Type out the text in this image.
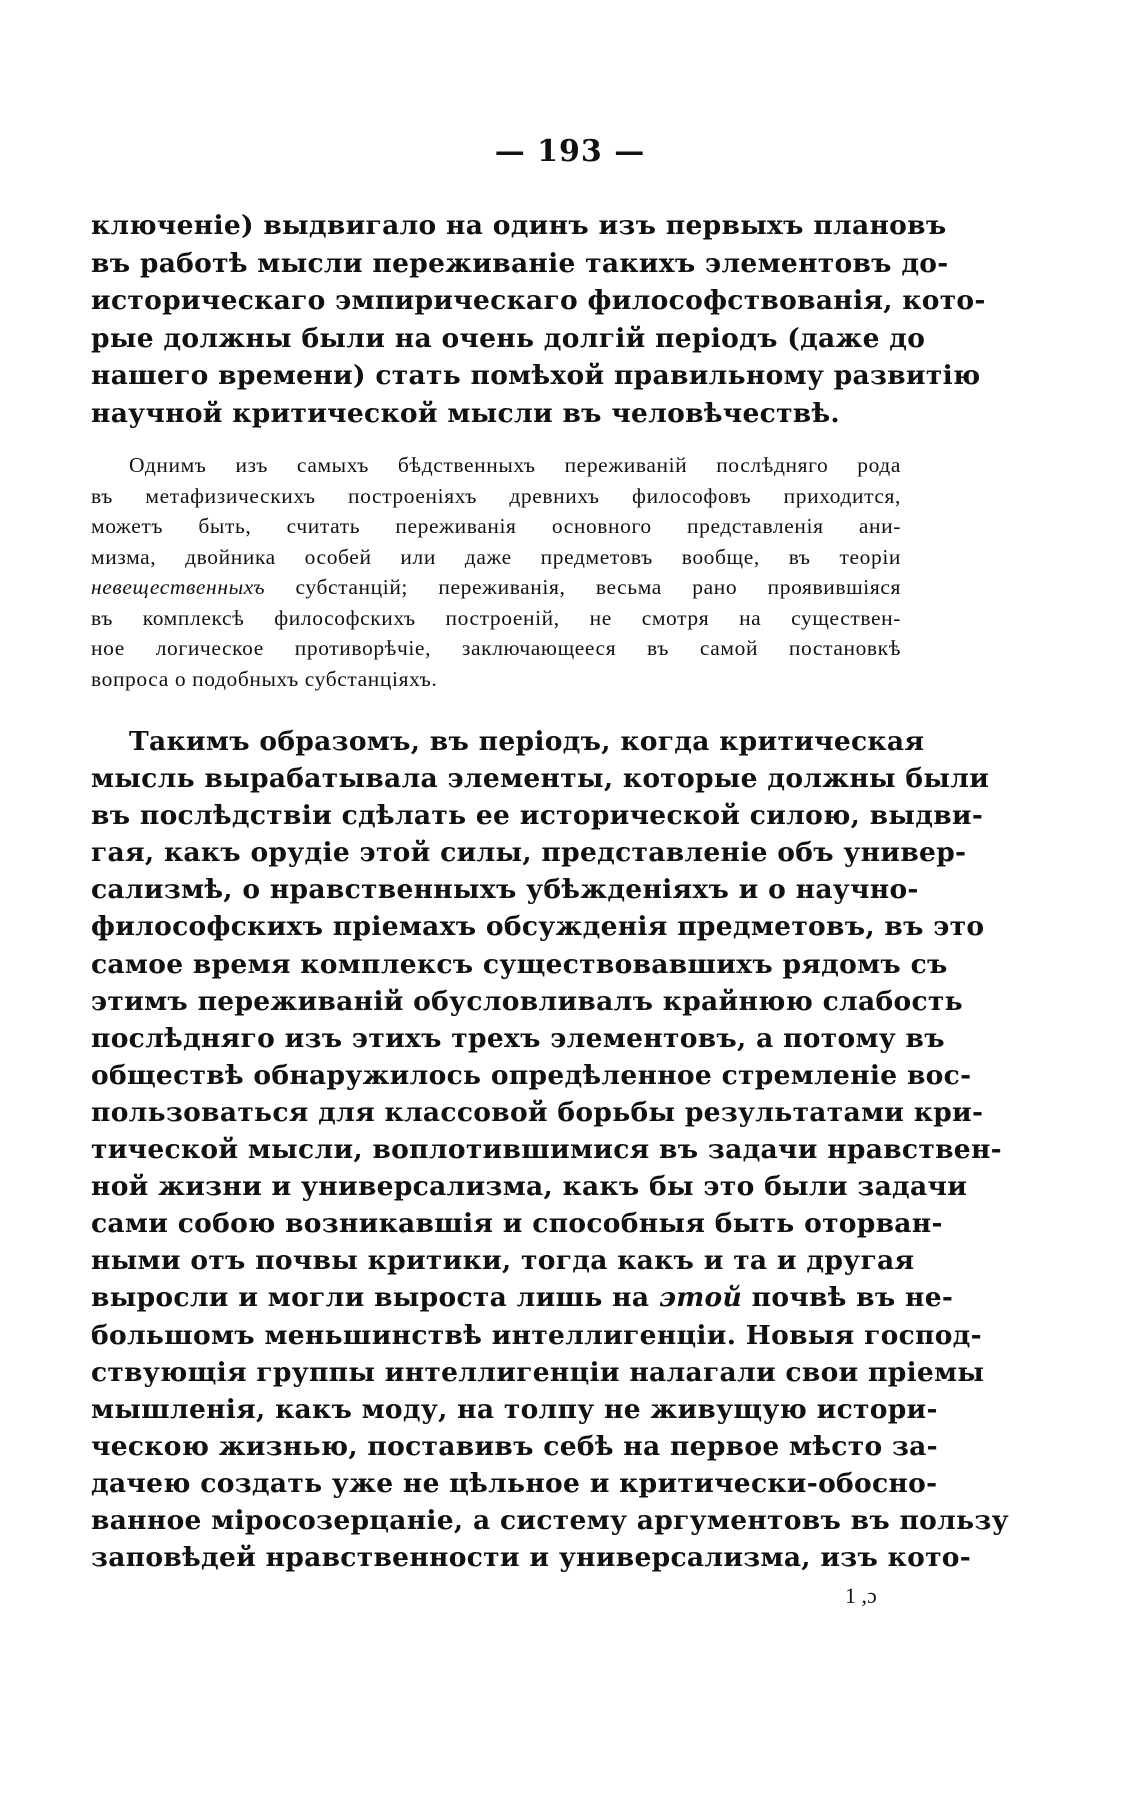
— 193 —
ключеніе) выдвигало на одинъ изъ первыхъ плановъ
въ работѣ мысли переживаніе такихъ элементовъ до-
историческаго эмпирическаго философствованія, кото-
рые должны были на очень долгій періодъ (даже до
нашего времени) стать помѣхой правильному развитію
научной критической мысли въ человѣчествѣ.
Однимъ изъ самыхъ бѣдственныхъ переживаній послѣдняго рода
въ метафизическихъ построеніяхъ древнихъ философовъ приходится,
можетъ быть, считать переживанія основного представленія ани-
мизма, двойника особей или даже предметовъ вообще, въ теоріи
невещественныхъ субстанцій; переживанія, весьма рано проявившіяся
въ комплексѣ философскихъ построеній, не смотря на существен-
ное логическое противорѣчіе, заключающееся въ самой постановкѣ
вопроса о подобныхъ субстанціяхъ.
Такимъ образомъ, въ періодъ, когда критическая
мысль вырабатывала элементы, которые должны были
въ послѣдствіи сдѣлать ее исторической силою, выдви-
гая, какъ орудіе этой силы, представленіе объ универ-
сализмѣ, о нравственныхъ убѣжденіяхъ и о научно-
философскихъ пріемахъ обсужденія предметовъ, въ это
самое время комплексъ существовавшихъ рядомъ съ
этимъ переживаній обусловливалъ крайнюю слабость
послѣдняго изъ этихъ трехъ элементовъ, а потому въ
обществѣ обнаружилось опредѣленное стремленіе вос-
пользоваться для классовой борьбы результатами кри-
тической мысли, воплотившимися въ задачи нравствен-
ной жизни и универсализма, какъ бы это были задачи
сами собою возникавшія и способныя быть оторван-
ными отъ почвы критики, тогда какъ и та и другая
выросли и могли выроста лишь на этой почвѣ въ не-
большомъ меньшинствѣ интеллигенціи. Новыя господ-
ствующія группы интеллигенціи налагали свои пріемы
мышленія, какъ моду, на толпу не живущую истори-
ческою жизнью, поставивъ себѣ на первое мѣсто за-
дачею создать уже не цѣльное и критически-обосно-
ванное міросозерцаніе, а систему аргументовъ въ пользу
заповѣдей нравственности и универсализма, изъ кото-
1 ,ɔ
